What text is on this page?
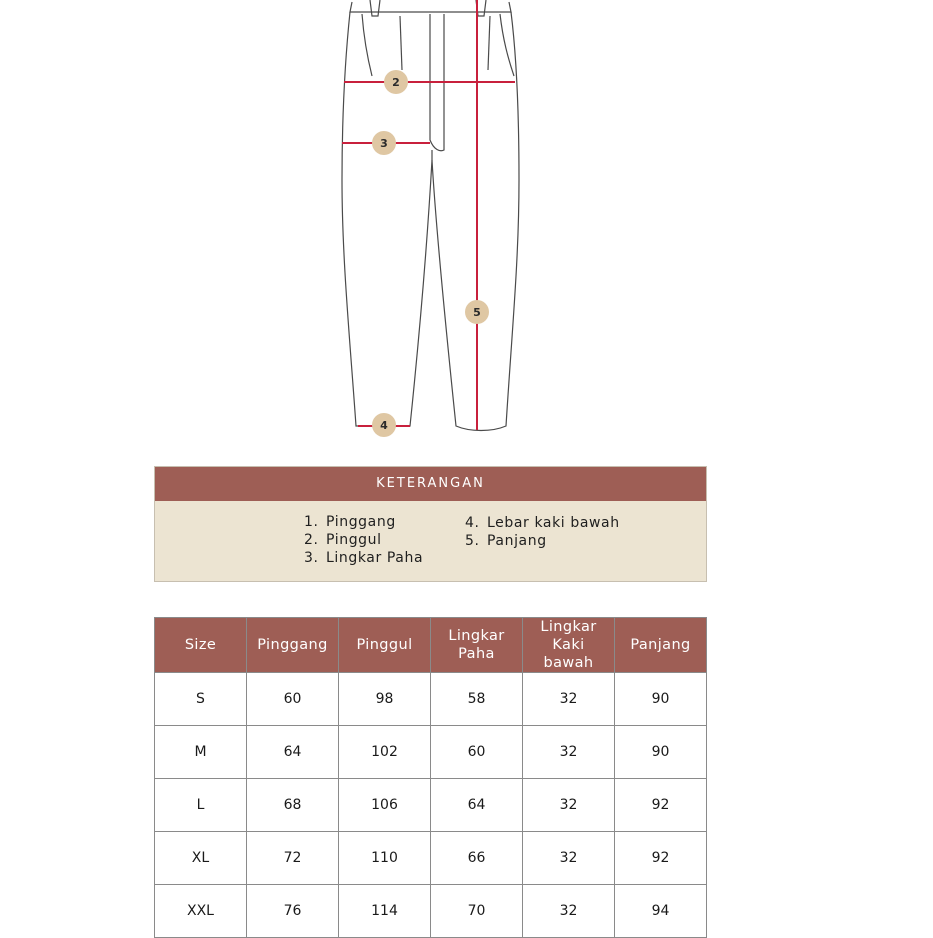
2
3
4
5
KETERANGAN
1. Pinggang
2. Pinggul
3. Lingkar Paha
4. Lebar kaki bawah
5. Panjang
Size	Pinggang	Pinggul	Lingkar Paha	Lingkar Kaki bawah	Panjang
S	60	98	58	32	90
M	64	102	60	32	90
L	68	106	64	32	92
XL	72	110	66	32	92
XXL	76	114	70	32	94
